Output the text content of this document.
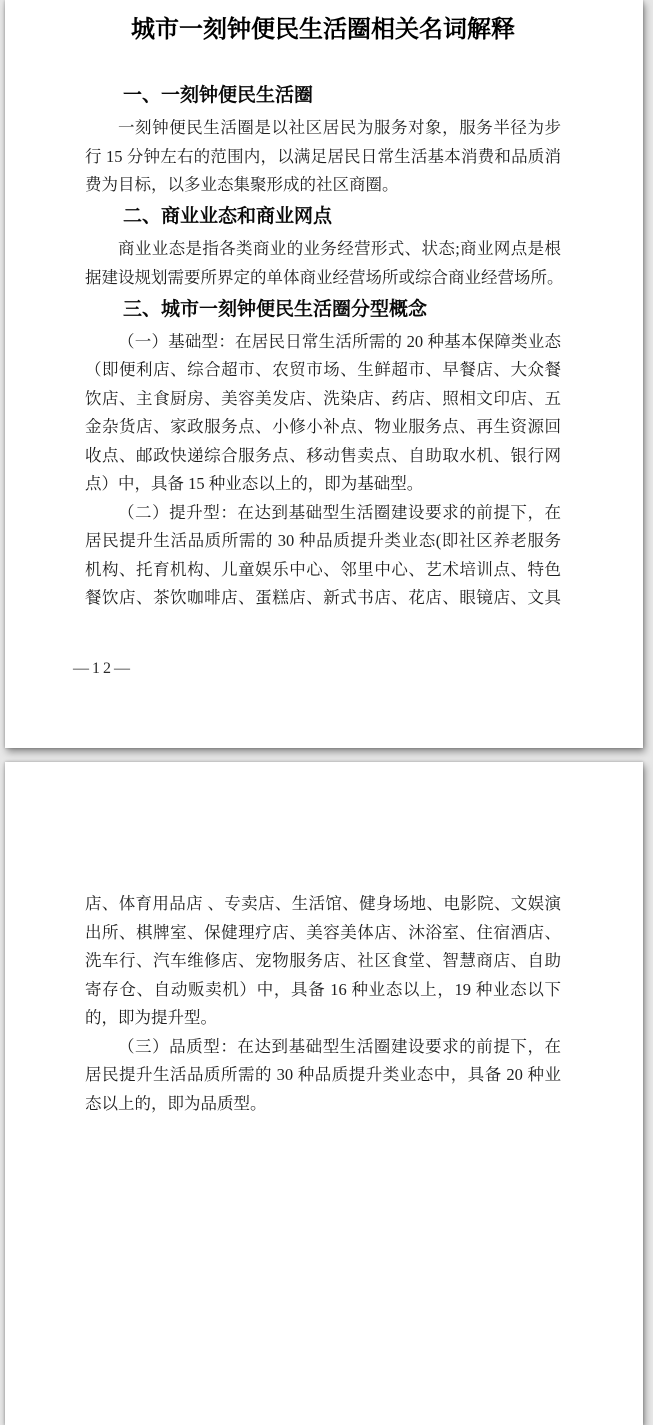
城市一刻钟便民生活圈相关名词解释
一、一刻钟便民生活圈
一刻钟便民生活圈是以社区居民为服务对象，服务半径为步
行 15 分钟左右的范围内，以满足居民日常生活基本消费和品质消
费为目标，以多业态集聚形成的社区商圈。
二、商业业态和商业网点
商业业态是指各类商业的业务经营形式、状态;商业网点是根
据建设规划需要所界定的单体商业经营场所或综合商业经营场所。
三、城市一刻钟便民生活圈分型概念
（一）基础型：在居民日常生活所需的 20 种基本保障类业态
（即便利店、综合超市、农贸市场、生鲜超市、早餐店、大众餐
饮店、主食厨房、美容美发店、洗染店、药店、照相文印店、五
金杂货店、家政服务点、小修小补点、物业服务点、再生资源回
收点、邮政快递综合服务点、移动售卖点、自助取水机、银行网
点）中，具备 15 种业态以上的，即为基础型。
（二）提升型：在达到基础型生活圈建设要求的前提下，在
居民提升生活品质所需的 30 种品质提升类业态(即社区养老服务
机构、托育机构、儿童娱乐中心、邻里中心、艺术培训点、特色
餐饮店、茶饮咖啡店、蛋糕店、新式书店、花店、眼镜店、文具
—12—
店、体育用品店 、专卖店、生活馆、健身场地、电影院、文娱演
出所、棋牌室、保健理疗店、美容美体店、沐浴室、住宿酒店、
洗车行、汽车维修店、宠物服务店、社区食堂、智慧商店、自助
寄存仓、自动贩卖机）中，具备 16 种业态以上，19 种业态以下
的，即为提升型。
（三）品质型：在达到基础型生活圈建设要求的前提下，在
居民提升生活品质所需的 30 种品质提升类业态中，具备 20 种业
态以上的，即为品质型。
